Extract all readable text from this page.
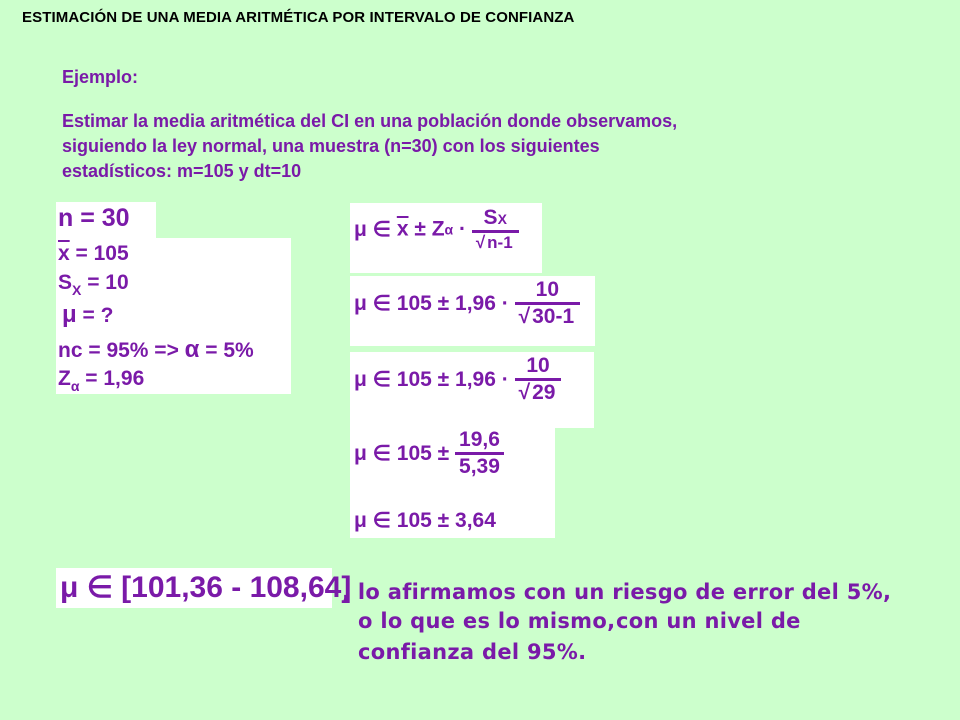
ESTIMACIÓN DE UNA MEDIA ARITMÉTICA POR INTERVALO DE CONFIANZA
Ejemplo:
Estimar la media aritmética del CI en una población donde observamos,
siguiendo la ley normal, una muestra (n=30) con los siguientes
estadísticos: m=105 y dt=10
n = 30
$\overline{x} = 105$
$S_X = 10$
μ = ?
nc = 95% => α = 5%
$Z_\alpha = 1,96$
μ ∈ $\overline{x} \pm Z\alpha \cdot \frac{SX}{√ n-1}$
μ ∈ $105 \pm 1,96 \cdot \frac{10}{√30-1}$
μ ∈ $105 \pm 1,96 \cdot \frac{10}{√29}$
μ ∈ $105 \pm \frac{19,6}{5,39}$
μ ∈ 105 ± 3,64
μ ∈ [101,36 - 108,64]
, lo afirmamos con un riesgo de error del 5%,
o lo que es lo mismo, con un nivel de
confianza del 95%.
